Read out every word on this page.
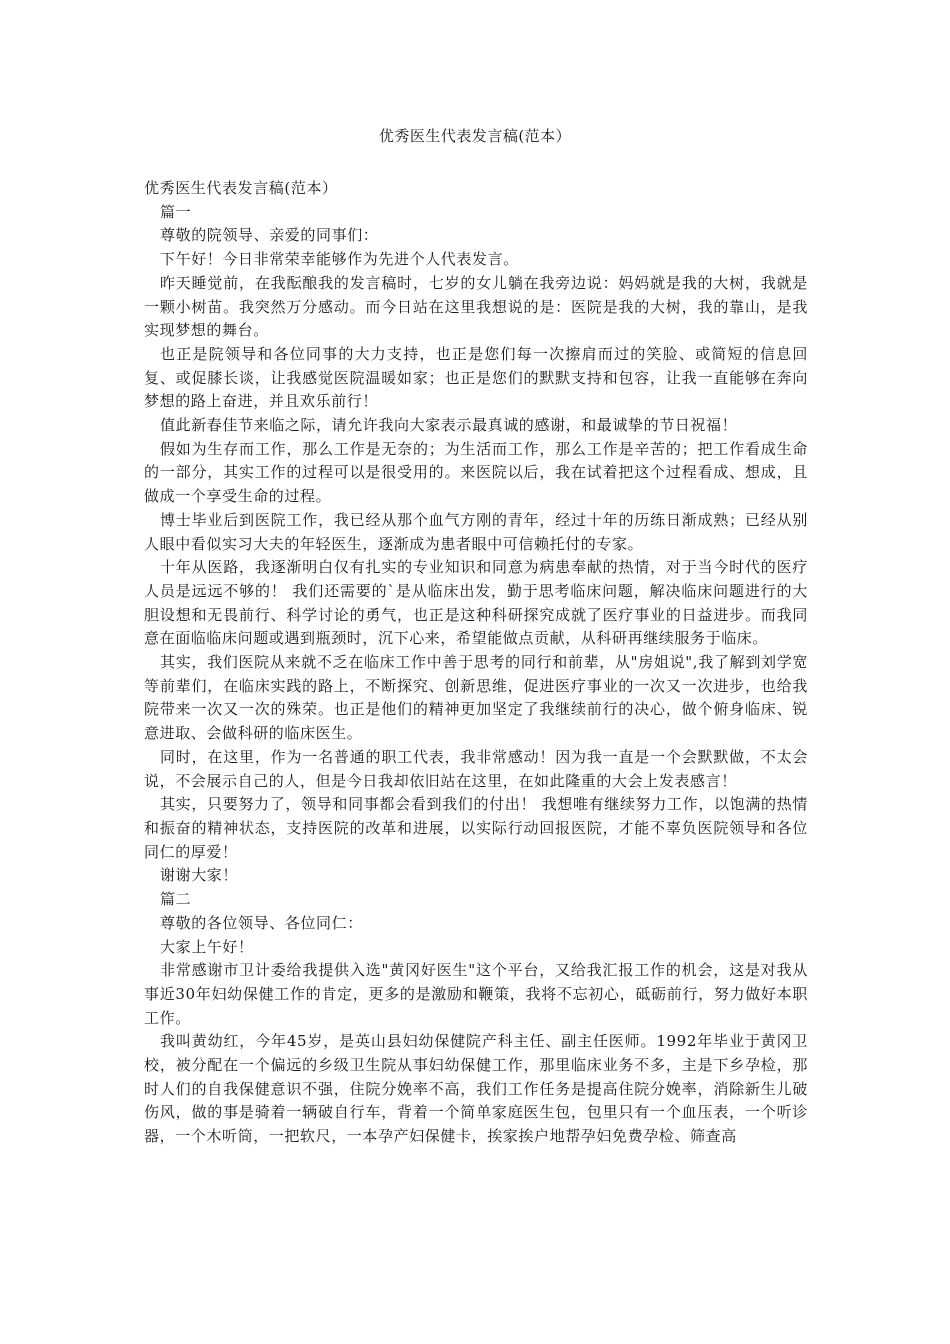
优秀医生代表发言稿(范本）

优秀医生代表发言稿(范本）

篇一

尊敬的院领导、亲爱的同事们：

下午好！今日非常荣幸能够作为先进个人代表发言。

昨天睡觉前，在我酝酿我的发言稿时，七岁的女儿躺在我旁边说：妈妈就是我的大树，我就是一颗小树苗。我突然万分感动。而今日站在这里我想说的是：医院是我的大树，我的靠山，是我实现梦想的舞台。

也正是院领导和各位同事的大力支持，也正是您们每一次擦肩而过的笑脸、或简短的信息回复、或促膝长谈，让我感觉医院温暖如家；也正是您们的默默支持和包容，让我一直能够在奔向梦想的路上奋进，并且欢乐前行！

值此新春佳节来临之际，请允许我向大家表示最真诚的感谢，和最诚挚的节日祝福！

假如为生存而工作，那么工作是无奈的；为生活而工作，那么工作是辛苦的；把工作看成生命的一部分，其实工作的过程可以是很受用的。来医院以后，我在试着把这个过程看成、想成，且做成一个享受生命的过程。

博士毕业后到医院工作，我已经从那个血气方刚的青年，经过十年的历练日渐成熟；已经从别人眼中看似实习大夫的年轻医生，逐渐成为患者眼中可信赖托付的专家。

十年从医路，我逐渐明白仅有扎实的专业知识和同意为病患奉献的热情，对于当今时代的医疗人员是远远不够的！ 我们还需要的`是从临床出发，勤于思考临床问题，解决临床问题进行的大胆设想和无畏前行、科学讨论的勇气，也正是这种科研探究成就了医疗事业的日益进步。而我同意在面临临床问题或遇到瓶颈时，沉下心来，希望能做点贡献，从科研再继续服务于临床。

其实，我们医院从来就不乏在临床工作中善于思考的同行和前辈，从"房姐说",我了解到刘学宽等前辈们，在临床实践的路上，不断探究、创新思维，促进医疗事业的一次又一次进步，也给我院带来一次又一次的殊荣。也正是他们的精神更加坚定了我继续前行的决心，做个俯身临床、锐意进取、会做科研的临床医生。

同时，在这里，作为一名普通的职工代表，我非常感动！因为我一直是一个会默默做，不太会说，不会展示自己的人，但是今日我却依旧站在这里，在如此隆重的大会上发表感言！

其实，只要努力了，领导和同事都会看到我们的付出！ 我想唯有继续努力工作，以饱满的热情和振奋的精神状态，支持医院的改革和进展，以实际行动回报医院，才能不辜负医院领导和各位同仁的厚爱！

谢谢大家！

篇二

尊敬的各位领导、各位同仁：

大家上午好！

非常感谢市卫计委给我提供入选"黄冈好医生"这个平台，又给我汇报工作的机会，这是对我从事近30年妇幼保健工作的肯定，更多的是激励和鞭策，我将不忘初心，砥砺前行，努力做好本职工作。

我叫黄幼红，今年45岁，是英山县妇幼保健院产科主任、副主任医师。1992年毕业于黄冈卫校，被分配在一个偏远的乡级卫生院从事妇幼保健工作，那里临床业务不多，主是下乡孕检，那时人们的自我保健意识不强，住院分娩率不高，我们工作任务是提高住院分娩率，消除新生儿破伤风，做的事是骑着一辆破自行车，背着一个简单家庭医生包，包里只有一个血压表，一个听诊器，一个木听筒，一把软尺，一本孕产妇保健卡，挨家挨户地帮孕妇免费孕检、筛查高
